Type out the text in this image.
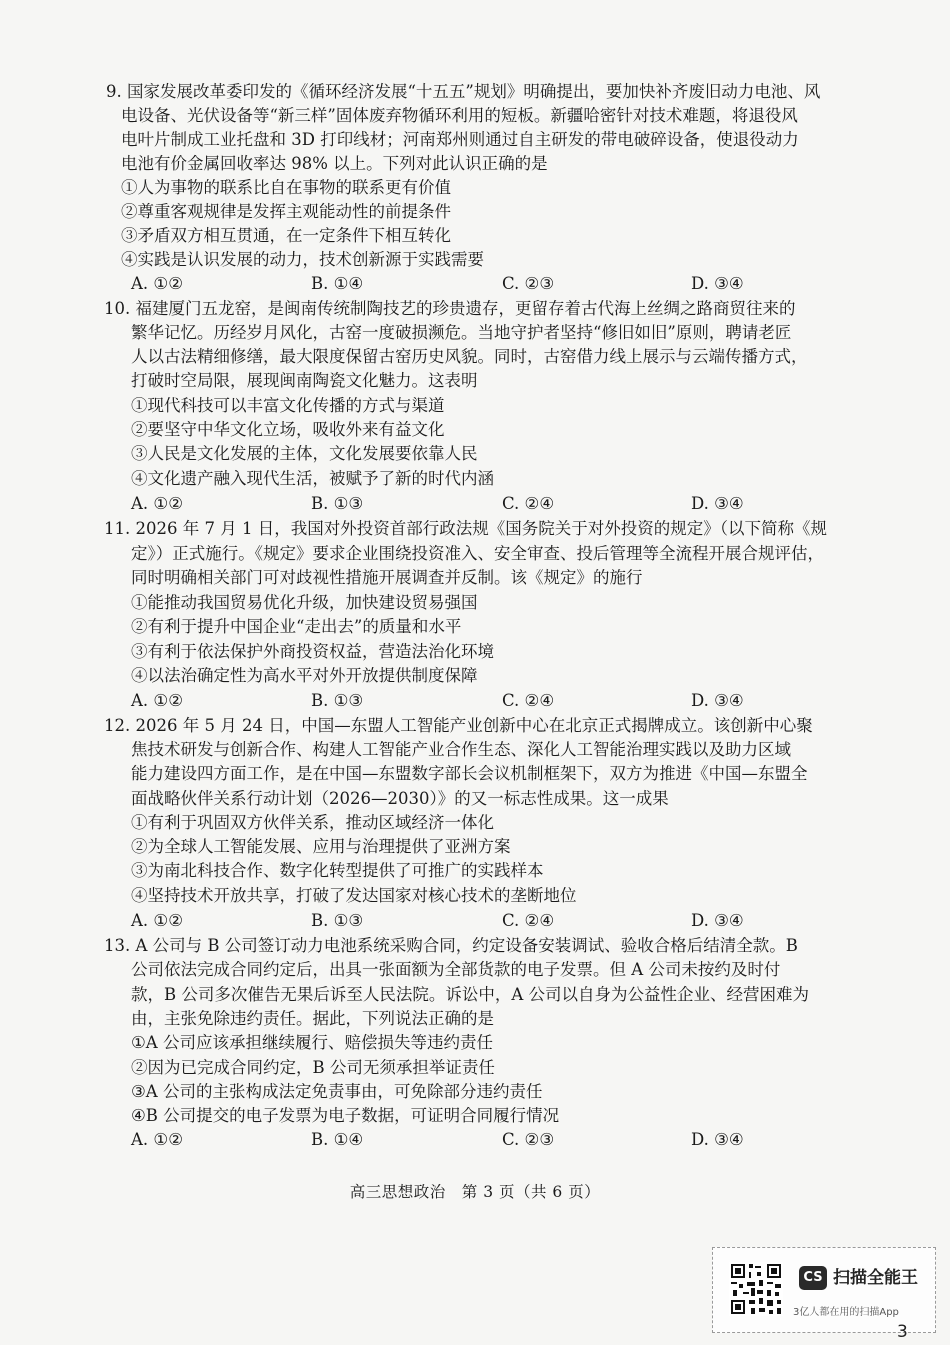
9. 国家发展改革委印发的《循环经济发展“十五五”规划》明确提出，要加快补齐废旧动力电池、风
电设备、光伏设备等“新三样”固体废弃物循环利用的短板。新疆哈密针对技术难题，将退役风
电叶片制成工业托盘和 3D 打印线材；河南郑州则通过自主研发的带电破碎设备，使退役动力
电池有价金属回收率达 98% 以上。下列对此认识正确的是
①人为事物的联系比自在事物的联系更有价值
②尊重客观规律是发挥主观能动性的前提条件
③矛盾双方相互贯通，在一定条件下相互转化
④实践是认识发展的动力，技术创新源于实践需要
A. ①②	B. ①④	C. ②③	D. ③④
10. 福建厦门五龙窑，是闽南传统制陶技艺的珍贵遗存，更留存着古代海上丝绸之路商贸往来的
繁华记忆。历经岁月风化，古窑一度破损濒危。当地守护者坚持“修旧如旧”原则，聘请老匠
人以古法精细修缮，最大限度保留古窑历史风貌。同时，古窑借力线上展示与云端传播方式，
打破时空局限，展现闽南陶瓷文化魅力。这表明
①现代科技可以丰富文化传播的方式与渠道
②要坚守中华文化立场，吸收外来有益文化
③人民是文化发展的主体，文化发展要依靠人民
④文化遗产融入现代生活，被赋予了新的时代内涵
A. ①②	B. ①③	C. ②④	D. ③④
11. 2026 年 7 月 1 日，我国对外投资首部行政法规《国务院关于对外投资的规定》（以下简称《规
定》）正式施行。《规定》要求企业围绕投资准入、安全审查、投后管理等全流程开展合规评估，
同时明确相关部门可对歧视性措施开展调查并反制。该《规定》的施行
①能推动我国贸易优化升级，加快建设贸易强国
②有利于提升中国企业“走出去”的质量和水平
③有利于依法保护外商投资权益，营造法治化环境
④以法治确定性为高水平对外开放提供制度保障
A. ①②	B. ①③	C. ②④	D. ③④
12. 2026 年 5 月 24 日，中国—东盟人工智能产业创新中心在北京正式揭牌成立。该创新中心聚
焦技术研发与创新合作、构建人工智能产业合作生态、深化人工智能治理实践以及助力区域
能力建设四方面工作，是在中国—东盟数字部长会议机制框架下，双方为推进《中国—东盟全
面战略伙伴关系行动计划（2026—2030）》的又一标志性成果。这一成果
①有利于巩固双方伙伴关系，推动区域经济一体化
②为全球人工智能发展、应用与治理提供了亚洲方案
③为南北科技合作、数字化转型提供了可推广的实践样本
④坚持技术开放共享，打破了发达国家对核心技术的垄断地位
A. ①②	B. ①③	C. ②④	D. ③④
13. A 公司与 B 公司签订动力电池系统采购合同，约定设备安装调试、验收合格后结清全款。B
公司依法完成合同约定后，出具一张面额为全部货款的电子发票。但 A 公司未按约及时付
款，B 公司多次催告无果后诉至人民法院。诉讼中，A 公司以自身为公益性企业、经营困难为
由，主张免除违约责任。据此，下列说法正确的是
①A 公司应该承担继续履行、赔偿损失等违约责任
②因为已完成合同约定，B 公司无须承担举证责任
③A 公司的主张构成法定免责事由，可免除部分违约责任
④B 公司提交的电子发票为电子数据，可证明合同履行情况
A. ①②	B. ①④	C. ②③	D. ③④
高三思想政治　第 3 页（共 6 页）
CS 扫描全能王
3亿人都在用的扫描App
3
